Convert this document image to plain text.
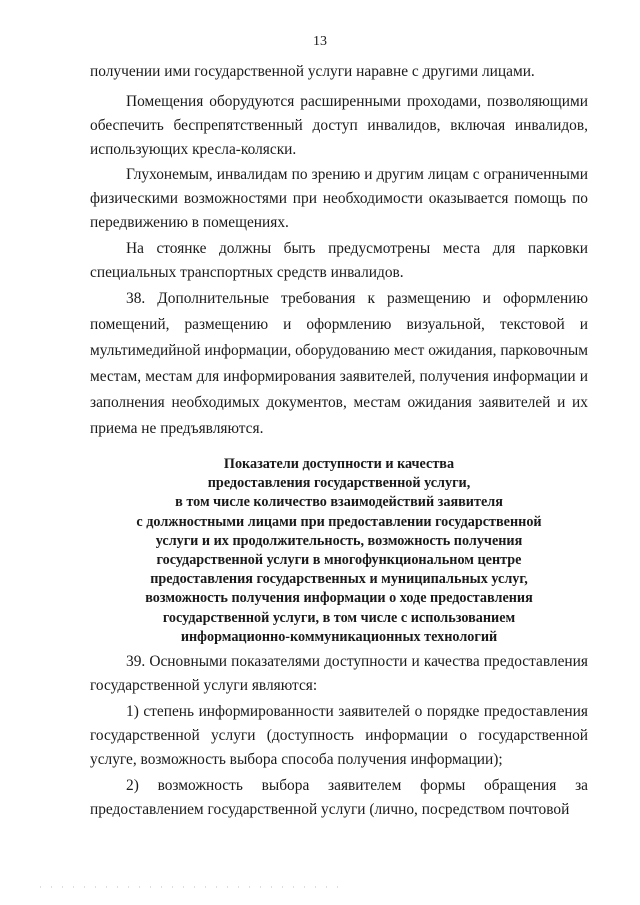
13

получении ими государственной услуги наравне с другими лицами.

Помещения оборудуются расширенными проходами, позволяющими обеспечить беспрепятственный доступ инвалидов, включая инвалидов, использующих кресла-коляски.

Глухонемым, инвалидам по зрению и другим лицам с ограниченными физическими возможностями при необходимости оказывается помощь по передвижению в помещениях.

На стоянке должны быть предусмотрены места для парковки специальных транспортных средств инвалидов.

38. Дополнительные требования к размещению и оформлению помещений, размещению и оформлению визуальной, текстовой и мультимедийной информации, оборудованию мест ожидания, парковочным местам, местам для информирования заявителей, получения информации и заполнения необходимых документов, местам ожидания заявителей и их приема не предъявляются.

Показатели доступности и качества
предоставления государственной услуги,
в том числе количество взаимодействий заявителя
с должностными лицами при предоставлении государственной
услуги и их продолжительность, возможность получения
государственной услуги в многофункциональном центре
предоставления государственных и муниципальных услуг,
возможность получения информации о ходе предоставления
государственной услуги, в том числе с использованием
информационно-коммуникационных технологий

39. Основными показателями доступности и качества предоставления государственной услуги являются:

1) степень информированности заявителей о порядке предоставления государственной услуги (доступность информации о государственной услуге, возможность выбора способа получения информации);

2) возможность выбора заявителем формы обращения за предоставлением государственной услуги (лично, посредством почтовой
